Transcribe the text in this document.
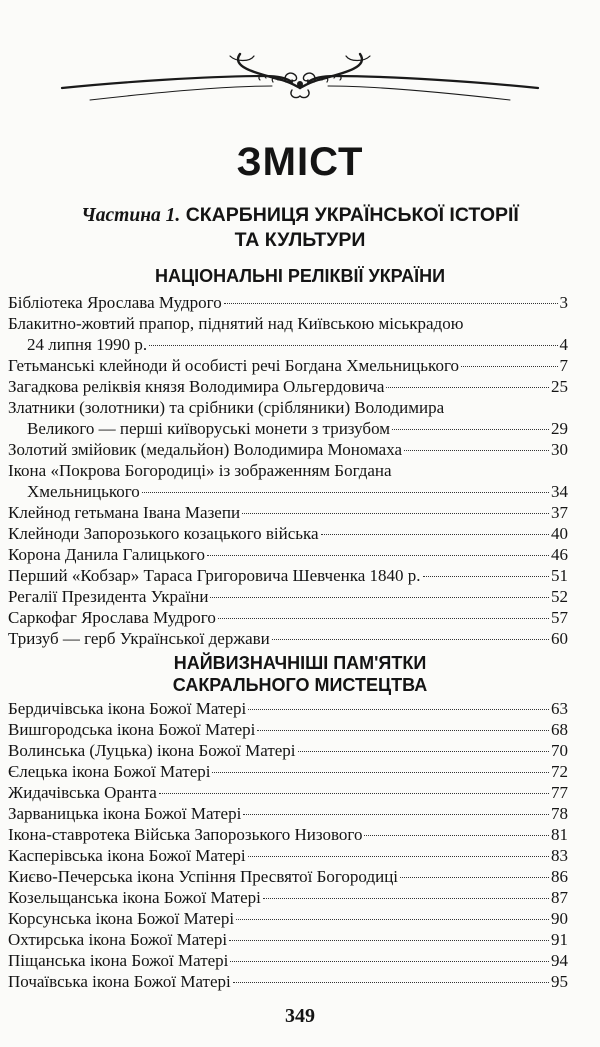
ЗМІСТ
Частина 1. СКАРБНИЦЯ УКРАЇНСЬКОЇ ІСТОРІЇ
ТА КУЛЬТУРИ
НАЦІОНАЛЬНІ РЕЛІКВІЇ УКРАЇНИ
Бібліотека Ярослава Мудрого	3
Блакитно-жовтий прапор, піднятий над Київською міськрадою
24 липня 1990 р.	4
Гетьманські клейноди й особисті речі Богдана Хмельницького	7
Загадкова реліквія князя Володимира Ольгердовича	25
Златники (золотники) та срібники (срібляники) Володимира
Великого — перші київоруські монети з тризубом	29
Золотий змійовик (медальйон) Володимира Мономаха	30
Ікона «Покрова Богородиці» із зображенням Богдана
Хмельницького	34
Клейнод гетьмана Івана Мазепи	37
Клейноди Запорозького козацького війська	40
Корона Данила Галицького	46
Перший «Кобзар» Тараса Григоровича Шевченка 1840 р.	51
Регалії Президента України	52
Саркофаг Ярослава Мудрого	57
Тризуб — герб Української держави	60
НАЙВИЗНАЧНІШІ ПАМ'ЯТКИ
САКРАЛЬНОГО МИСТЕЦТВА
Бердичівська ікона Божої Матері	63
Вишгородська ікона Божої Матері	68
Волинська (Луцька) ікона Божої Матері	70
Єлецька ікона Божої Матері	72
Жидачівська Оранта	77
Зарваницька ікона Божої Матері	78
Ікона-ставротека Війська Запорозького Низового	81
Касперівська ікона Божої Матері	83
Києво-Печерська ікона Успіння Пресвятої Богородиці	86
Козельщанська ікона Божої Матері	87
Корсунська ікона Божої Матері	90
Охтирська ікона Божої Матері	91
Піщанська ікона Божої Матері	94
Почаївська ікона Божої Матері	95
349
